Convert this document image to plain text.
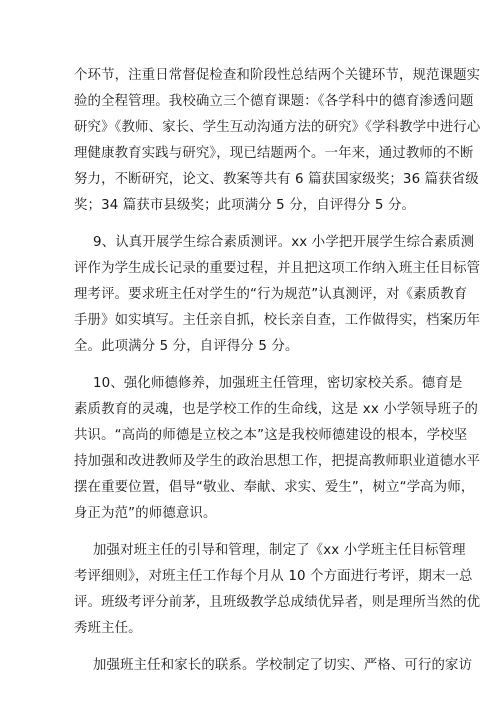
个环节，注重日常督促检查和阶段性总结两个关键环节，规范课题实
验的全程管理。我校确立三个德育课题：《各学科中的德育渗透问题
研究》《教师、家长、学生互动沟通方法的研究》《学科教学中进行心
理健康教育实践与研究》，现已结题两个。一年来，通过教师的不断
努力，不断研究，论文、教案等共有 6 篇获国家级奖；36 篇获省级
奖；34 篇获市县级奖；此项满分 5 分，自评得分 5 分。
9、认真开展学生综合素质测评。xx 小学把开展学生综合素质测
评作为学生成长记录的重要过程，并且把这项工作纳入班主任目标管
理考评。要求班主任对学生的“行为规范”认真测评，对《素质教育
手册》如实填写。主任亲自抓，校长亲自查，工作做得实，档案历年
全。此项满分 5 分，自评得分 5 分。
10、强化师德修养，加强班主任管理，密切家校关系。德育是
素质教育的灵魂，也是学校工作的生命线，这是 xx 小学领导班子的
共识。“高尚的师德是立校之本”这是我校师德建设的根本，学校坚
持加强和改进教师及学生的政治思想工作，把提高教师职业道德水平
摆在重要位置，倡导“敬业、奉献、求实、爱生”，树立“学高为师，
身正为范”的师德意识。
加强对班主任的引导和管理，制定了《xx 小学班主任目标管理
考评细则》，对班主任工作每个月从 10 个方面进行考评，期末一总
评。班级考评分前茅，且班级教学总成绩优异者，则是理所当然的优
秀班主任。
加强班主任和家长的联系。学校制定了切实、严格、可行的家访
